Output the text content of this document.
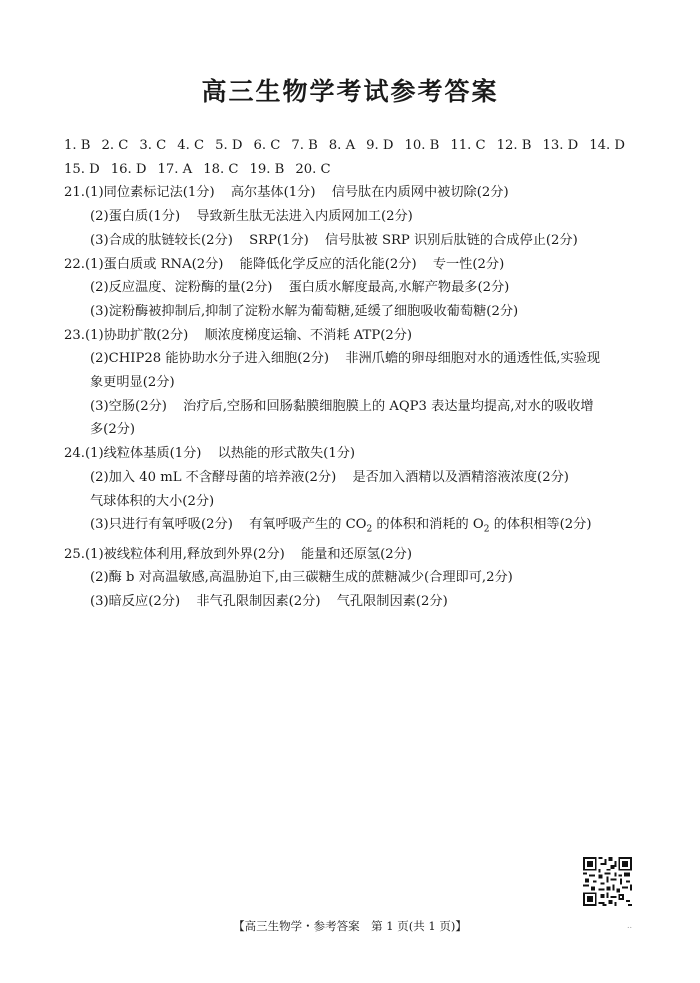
高三生物学考试参考答案
1. B 2. C 3. C 4. C 5. D 6. C 7. B 8. A 9. D 10. B 11. C 12. B 13. D 14. D
15. D 16. D 17. A 18. C 19. B 20. C
21.(1)同位素标记法(1分) 高尔基体(1分) 信号肽在内质网中被切除(2分)
(2)蛋白质(1分) 导致新生肽无法进入内质网加工(2分)
(3)合成的肽链较长(2分) SRP(1分) 信号肽被 SRP 识别后肽链的合成停止(2分)
22.(1)蛋白质或 RNA(2分) 能降低化学反应的活化能(2分) 专一性(2分)
(2)反应温度、淀粉酶的量(2分) 蛋白质水解度最高,水解产物最多(2分)
(3)淀粉酶被抑制后,抑制了淀粉水解为葡萄糖,延缓了细胞吸收葡萄糖(2分)
23.(1)协助扩散(2分) 顺浓度梯度运输、不消耗 ATP(2分)
(2)CHIP28 能协助水分子进入细胞(2分) 非洲爪蟾的卵母细胞对水的通透性低,实验现
象更明显(2分)
(3)空肠(2分) 治疗后,空肠和回肠黏膜细胞膜上的 AQP3 表达量均提高,对水的吸收增
多(2分)
24.(1)线粒体基质(1分) 以热能的形式散失(1分)
(2)加入 40 mL 不含酵母菌的培养液(2分) 是否加入酒精以及酒精溶液浓度(2分)
气球体积的大小(2分)
(3)只进行有氧呼吸(2分) 有氧呼吸产生的 $CO_2$ 的体积和消耗的 $O_2$ 的体积相等(2分)
25.(1)被线粒体利用,释放到外界(2分) 能量和还原氢(2分)
(2)酶 b 对高温敏感,高温胁迫下,由三碳糖生成的蔗糖减少(合理即可,2分)
(3)暗反应(2分) 非气孔限制因素(2分) 气孔限制因素(2分)
【高三生物学・参考答案　第 1 页(共 1 页)】	..
